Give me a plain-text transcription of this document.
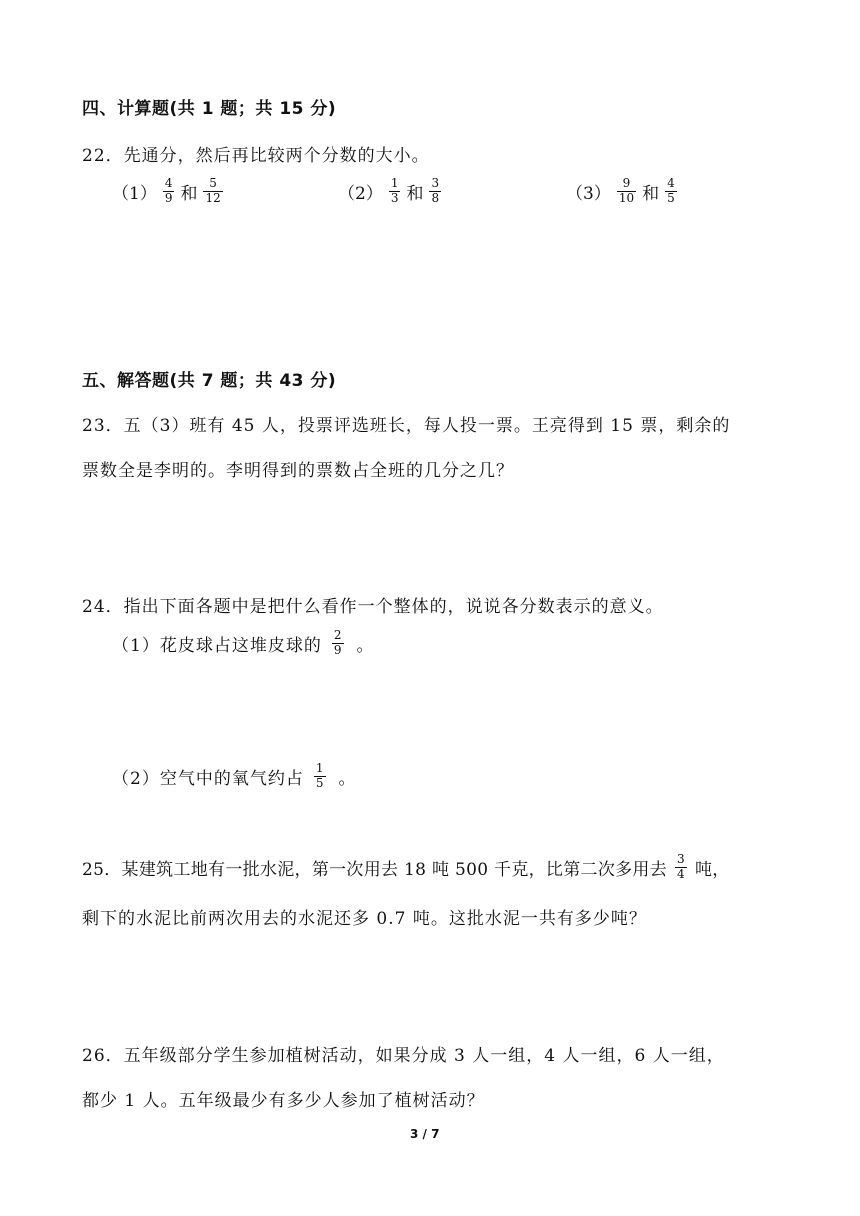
四、计算题(共 1 题；共 15 分)
22．先通分，然后再比较两个分数的大小。
$(1) \frac{4}{9}$ 和 $\frac{5}{12}$	$(2) \frac{1}{3}$ 和 $\frac{3}{8}$	$(3) \frac{9}{10}$ 和 $\frac{4}{5}$
五、解答题(共 7 题；共 43 分)
23．五（3）班有 45 人，投票评选班长，每人投一票。王亮得到 15 票，剩余的
票数全是李明的。李明得到的票数占全班的几分之几？
24．指出下面各题中是把什么看作一个整体的，说说各分数表示的意义。
（1）花皮球占这堆皮球的 $\frac{2}{9}$ 。
（2）空气中的氧气约占 $\frac{1}{5}$ 。
25．某建筑工地有一批水泥，第一次用去 18 吨 500 千克，比第二次多用去 $\frac{3}{4}$ 吨，
剩下的水泥比前两次用去的水泥还多 0.7 吨。这批水泥一共有多少吨？
26．五年级部分学生参加植树活动，如果分成 3 人一组，4 人一组，6 人一组，
都少 1 人。五年级最少有多少人参加了植树活动？
3 / 7
